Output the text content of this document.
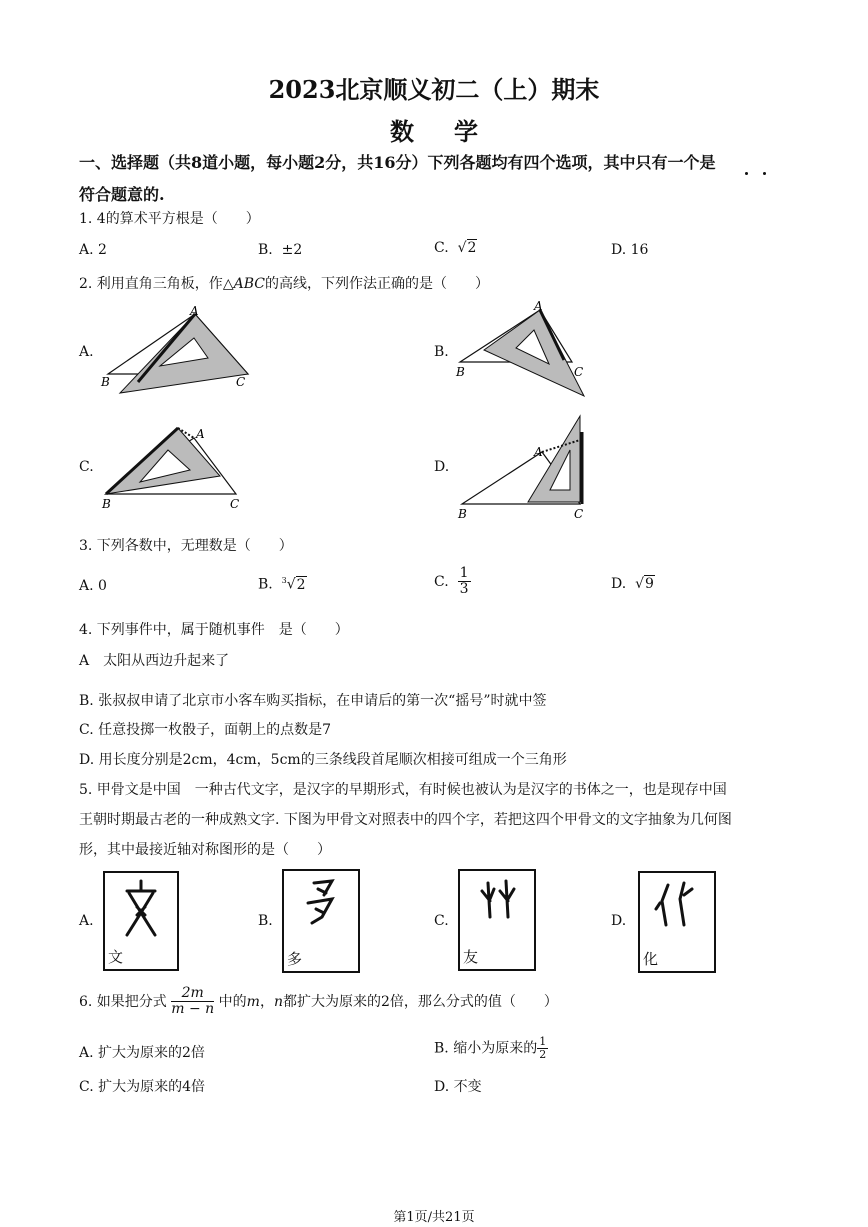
2023北京顺义初二（上）期末
数学
一、选择题（共8道小题，每小题2分，共16分）下列各题均有四个选项，其中只有一个是
符合题意的.
1. 4的算术平方根是（　　）
A. 2	B. ±2	C.  √2	D. 16
2. 利用直角三角板，作△ABC的高线，下列作法正确的是（　　）
A.
A
B	C
B.
A
B	C
C.
A
B	C
D.
A
B	C
3. 下列各数中，无理数是（　　）
A. 0	B. $^3$√2	C. $\frac{1}{3}$	D.  √9
4. 下列事件中，属于随机事件　是（　　）
A　太阳从西边升起来了
B. 张叔叔申请了北京市小客车购买指标，在申请后的第一次“摇号”时就中签
C. 任意投掷一枚骰子，面朝上的点数是7
D. 用长度分别是2cm，4cm，5cm的三条线段首尾顺次相接可组成一个三角形
5. 甲骨文是中国　一种古代文字，是汉字的早期形式，有时候也被认为是汉字的书体之一，也是现存中国
王朝时期最古老的一种成熟文字. 下图为甲骨文对照表中的四个字，若把这四个甲骨文的文字抽象为几何图
形，其中最接近轴对称图形的是（　　）
A.
文
B.
多
C.
友
D.
化
6. 如果把分式 $\frac{2m}{m - n}$ 中的m，n都扩大为原来的2倍，那么分式的值（　　）
A. 扩大为原来的2倍	B. 缩小为原来的 $\frac{1}{2}$
C. 扩大为原来的4倍	D. 不变
第1页/共21页
